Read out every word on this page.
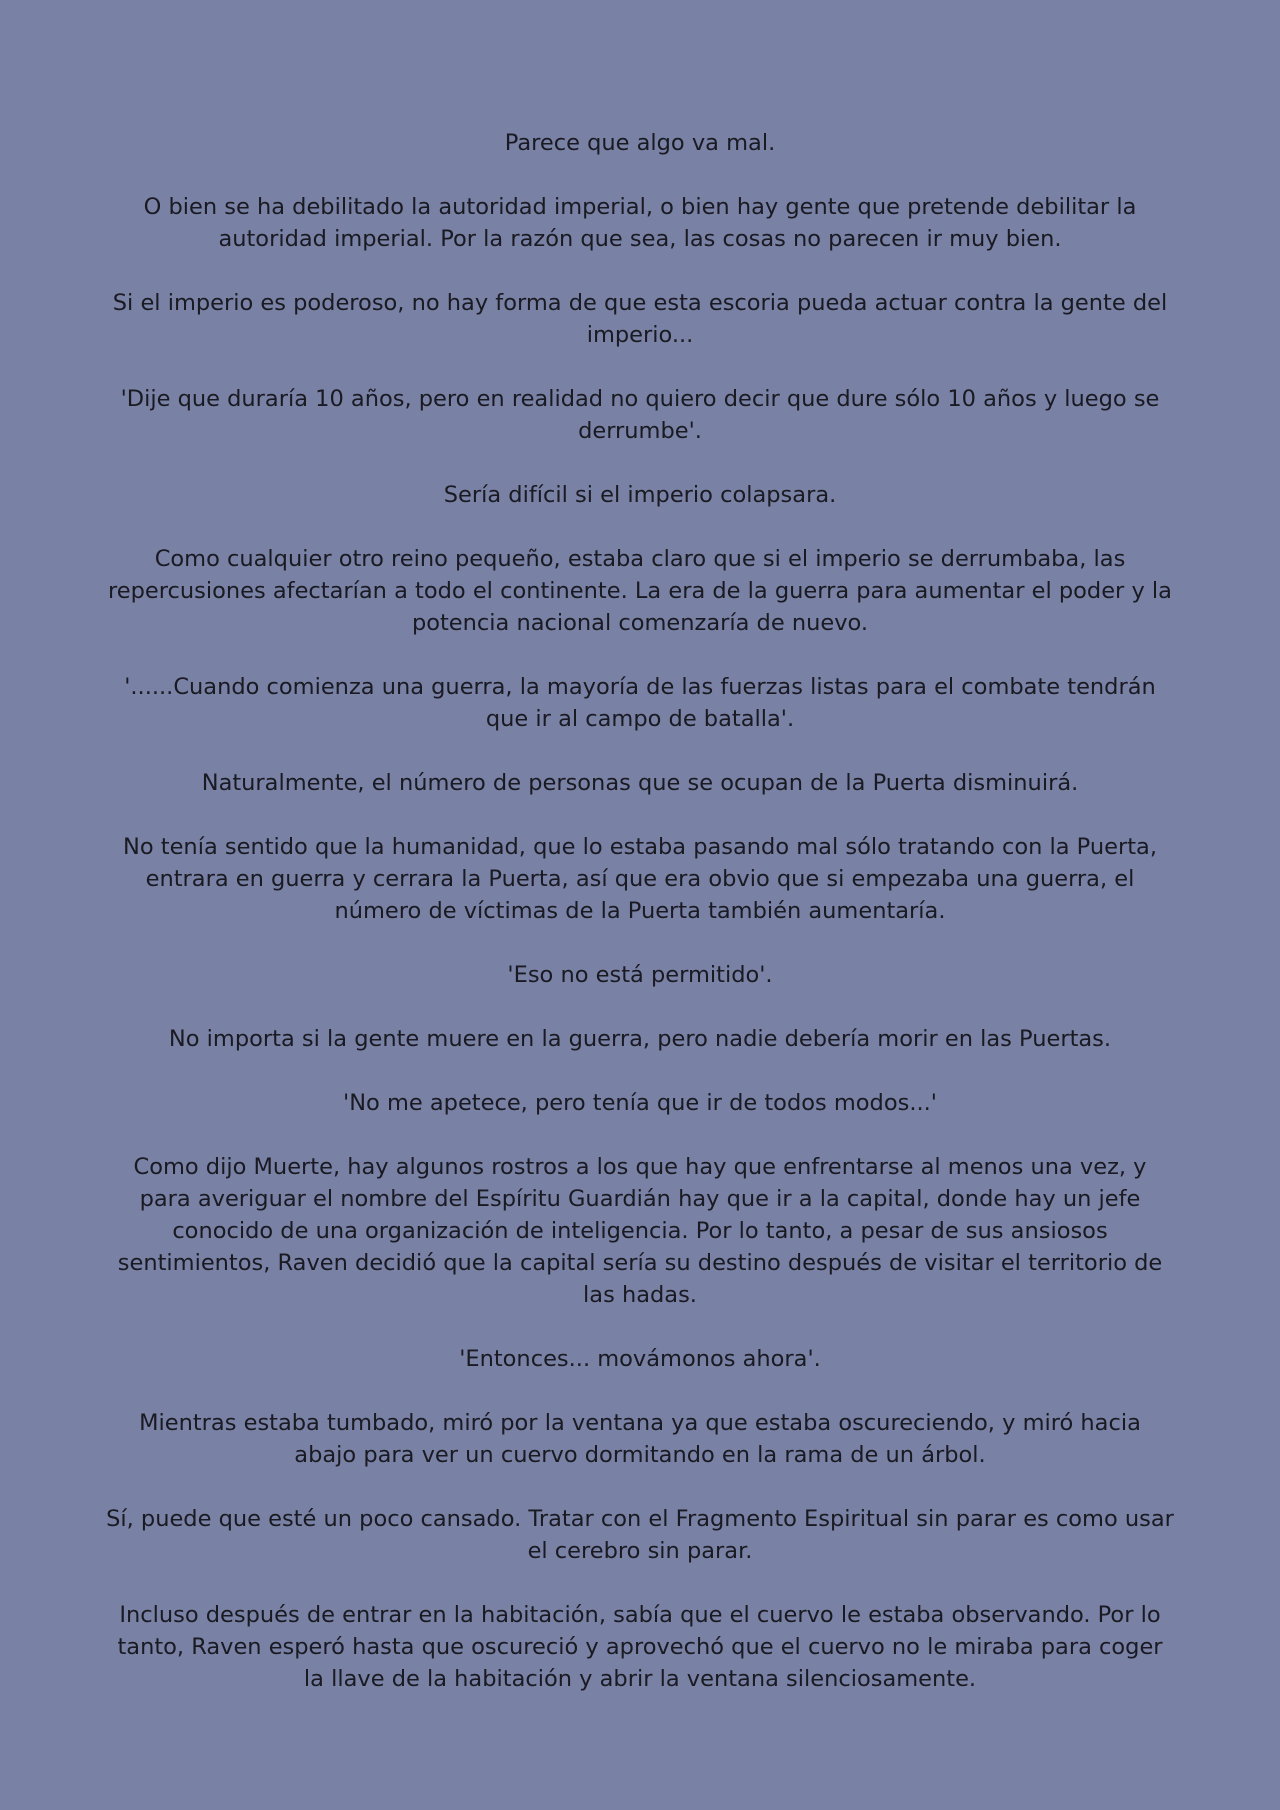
Parece que algo va mal.

O bien se ha debilitado la autoridad imperial, o bien hay gente que pretende debilitar la autoridad imperial. Por la razón que sea, las cosas no parecen ir muy bien.

Si el imperio es poderoso, no hay forma de que esta escoria pueda actuar contra la gente del imperio...

'Dije que duraría 10 años, pero en realidad no quiero decir que dure sólo 10 años y luego se derrumbe'.

Sería difícil si el imperio colapsara.

Como cualquier otro reino pequeño, estaba claro que si el imperio se derrumbaba, las repercusiones afectarían a todo el continente. La era de la guerra para aumentar el poder y la potencia nacional comenzaría de nuevo.

'......Cuando comienza una guerra, la mayoría de las fuerzas listas para el combate tendrán que ir al campo de batalla'.

Naturalmente, el número de personas que se ocupan de la Puerta disminuirá.

No tenía sentido que la humanidad, que lo estaba pasando mal sólo tratando con la Puerta, entrara en guerra y cerrara la Puerta, así que era obvio que si empezaba una guerra, el número de víctimas de la Puerta también aumentaría.

'Eso no está permitido'.

No importa si la gente muere en la guerra, pero nadie debería morir en las Puertas.

'No me apetece, pero tenía que ir de todos modos...'

Como dijo Muerte, hay algunos rostros a los que hay que enfrentarse al menos una vez, y para averiguar el nombre del Espíritu Guardián hay que ir a la capital, donde hay un jefe conocido de una organización de inteligencia. Por lo tanto, a pesar de sus ansiosos sentimientos, Raven decidió que la capital sería su destino después de visitar el territorio de las hadas.

'Entonces... movámonos ahora'.

Mientras estaba tumbado, miró por la ventana ya que estaba oscureciendo, y miró hacia abajo para ver un cuervo dormitando en la rama de un árbol.

Sí, puede que esté un poco cansado. Tratar con el Fragmento Espiritual sin parar es como usar el cerebro sin parar.

Incluso después de entrar en la habitación, sabía que el cuervo le estaba observando. Por lo tanto, Raven esperó hasta que oscureció y aprovechó que el cuervo no le miraba para coger la llave de la habitación y abrir la ventana silenciosamente.
